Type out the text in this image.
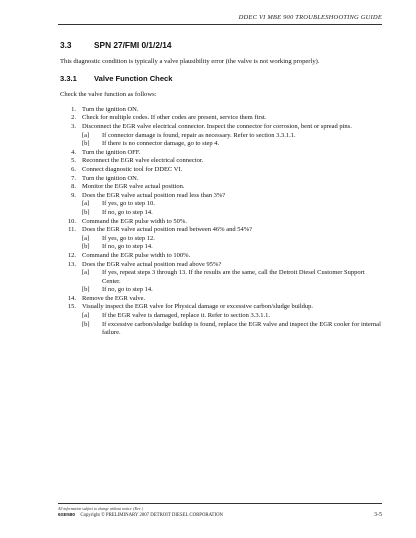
DDEC VI MBE 900 TROUBLESHOOTING GUIDE
3.3	SPN 27/FMI 0/1/2/14
This diagnostic condition is typically a valve plausibility error (the valve is not working properly).
3.3.1	Valve Function Check
Check the valve function as follows:
1. Turn the ignition ON.
2. Check for multiple codes. If other codes are present, service them first.
3. Disconnect the EGR valve electrical connector. Inspect the connector for corrosion, bent or spread pins.
[a]	If connector damage is found, repair as necessary. Refer to section 3.3.1.1.
[b]	If there is no connector damage, go to step 4.
4. Turn the ignition OFF.
5. Reconnect the EGR valve electrical connector.
6. Connect diagnostic tool for DDEC VI.
7. Turn the ignition ON.
8. Monitor the EGR valve actual position.
9. Does the EGR valve actual position read less than 3%?
[a]	If yes, go to step 10.
[b]	If no, go to step 14.
10. Command the EGR pulse width to 50%.
11. Does the EGR valve actual position read between 46% and 54%?
[a]	If yes, go to step 12.
[b]	If no, go to step 14.
12. Command the EGR pulse width to 100%.
13. Does the EGR valve actual position read above 95%?
[a]	If yes, repeat steps 3 through 13. If the results are the same, call the Detroit Diesel Customer Support Center.
[b]	If no, go to step 14.
14. Remove the EGR valve.
15. Visually inspect the EGR valve for Physical damage or excessive carbon/sludge buildup.
[a]	If the EGR valve is damaged, replace it. Refer to section 3.3.1.1.
[b]	If excessive carbon/sludge buildup is found, replace the EGR valve and inspect the EGR cooler for internal failure.
All information subject to change without notice. (Rev. )
6SE580 Copyright © PRELIMINARY 2007 DETROIT DIESEL CORPORATION	3-5
